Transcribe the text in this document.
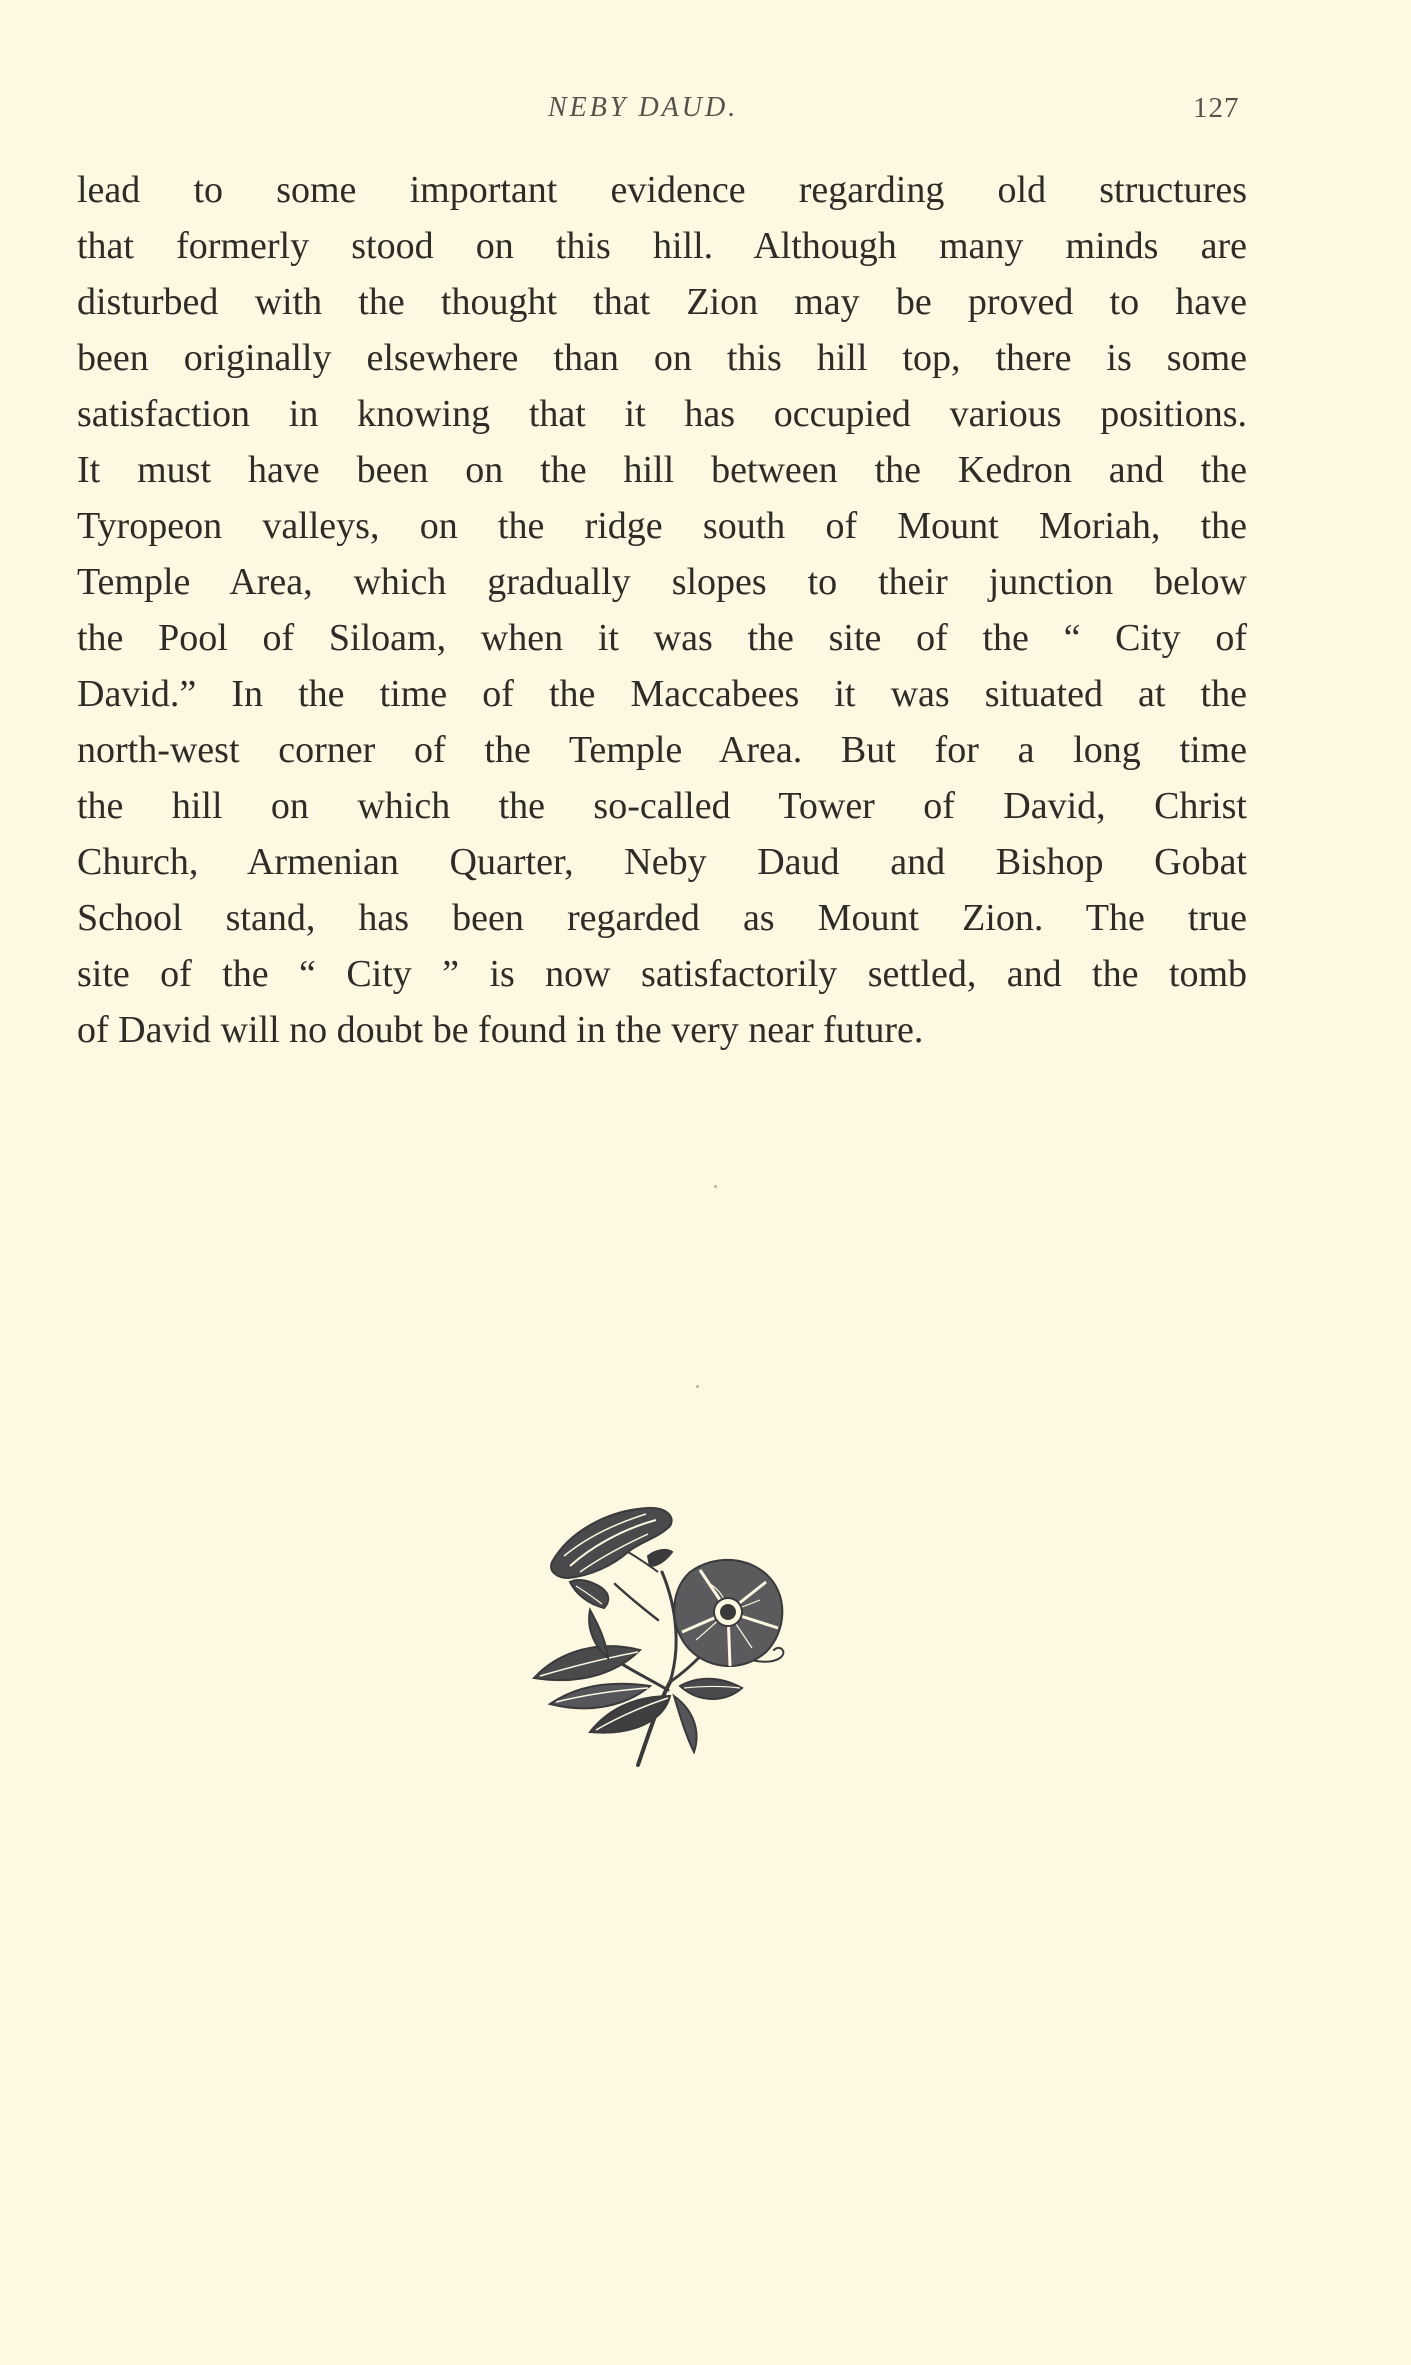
NEBY DAUD.	127
lead to some important evidence regarding old structures
that formerly stood on this hill. Although many minds are
disturbed with the thought that Zion may be proved to have
been originally elsewhere than on this hill top, there is some
satisfaction in knowing that it has occupied various positions.
It must have been on the hill between the Kedron and the
Tyropeon valleys, on the ridge south of Mount Moriah, the
Temple Area, which gradually slopes to their junction below
the Pool of Siloam, when it was the site of the “ City of
David.” In the time of the Maccabees it was situated at the
north-west corner of the Temple Area. But for a long time
the hill on which the so-called Tower of David, Christ
Church, Armenian Quarter, Neby Daud and Bishop Gobat
School stand, has been regarded as Mount Zion. The true
site of the “ City ” is now satisfactorily settled, and the tomb
of David will no doubt be found in the very near future.
